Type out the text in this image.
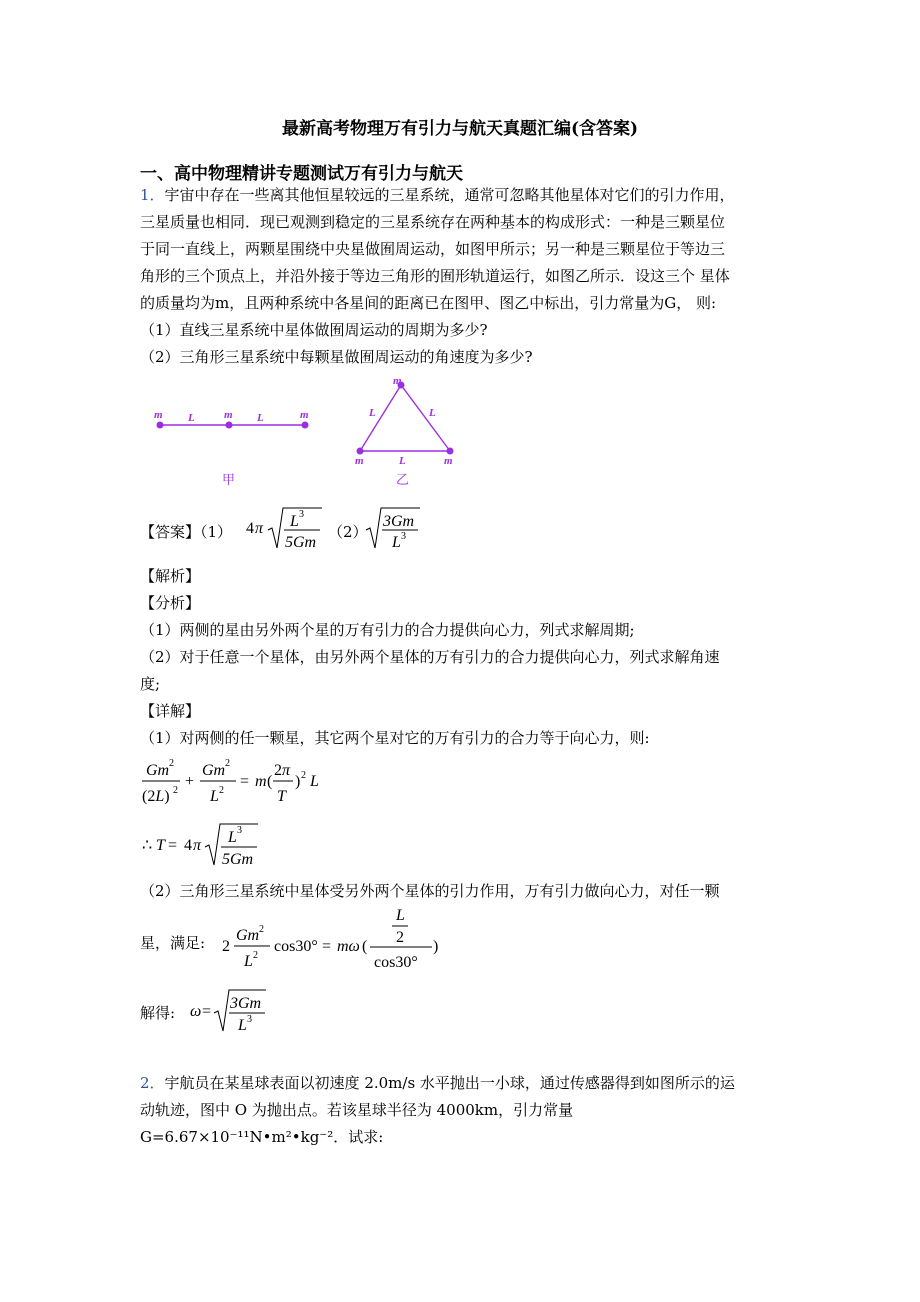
最新高考物理万有引力与航天真题汇编(含答案)
一、高中物理精讲专题测试万有引力与航天
1．宇宙中存在一些离其他恒星较远的三星系统，通常可忽略其他星体对它们的引力作用，
三星质量也相同．现已观测到稳定的三星系统存在两种基本的构成形式：一种是三颗星位
于同一直线上，两颗星围绕中央星做囿周运动，如图甲所示；另一种是三颗星位于等边三
角形的三个顶点上，并沿外接于等边三角形的囿形轨道运行，如图乙所示．设这三个 星体
的质量均为m，且两种系统中各星间的距离已在图甲、图乙中标出，引力常量为G， 则:
（1）直线三星系统中星体做囿周运动的周期为多少?
（2）三角形三星系统中每颗星做囿周运动的角速度为多少?
m	m	m
L	L
m
L	L
m	L	m
甲	乙
【答案】（1） 4 π L 3
5Gm
（2）
3Gm
L 3
【解析】
【分析】
（1）两侧的星由另外两个星的万有引力的合力提供向心力，列式求解周期;
（2）对于任意一个星体，由另外两个星体的万有引力的合力提供向心力，列式求解角速
度;
【详解】
（1）对两侧的任一颗星，其它两个星对它的万有引力的合力等于向心力，则:
Gm 2
(2L) 2
+
Gm 2
L 2
= m (
2π
T
) 2 L
∴ T = 4 π L 3
5Gm
（2）三角形三星系统中星体受另外两个星体的引力作用，万有引力做向心力，对任一颗
星，满足: 2
Gm 2
L 2
cos30° = mω (
L
2
cos30°
)
解得: ω = 3Gm
L 3
2．宇航员在某星球表面以初速度 2.0m/s 水平抛出一小球，通过传感器得到如图所示的运
动轨迹，图中 O 为抛出点。若该星球半径为 4000km，引力常量
G=6.67×10⁻¹¹N•m²•kg⁻²．试求:
